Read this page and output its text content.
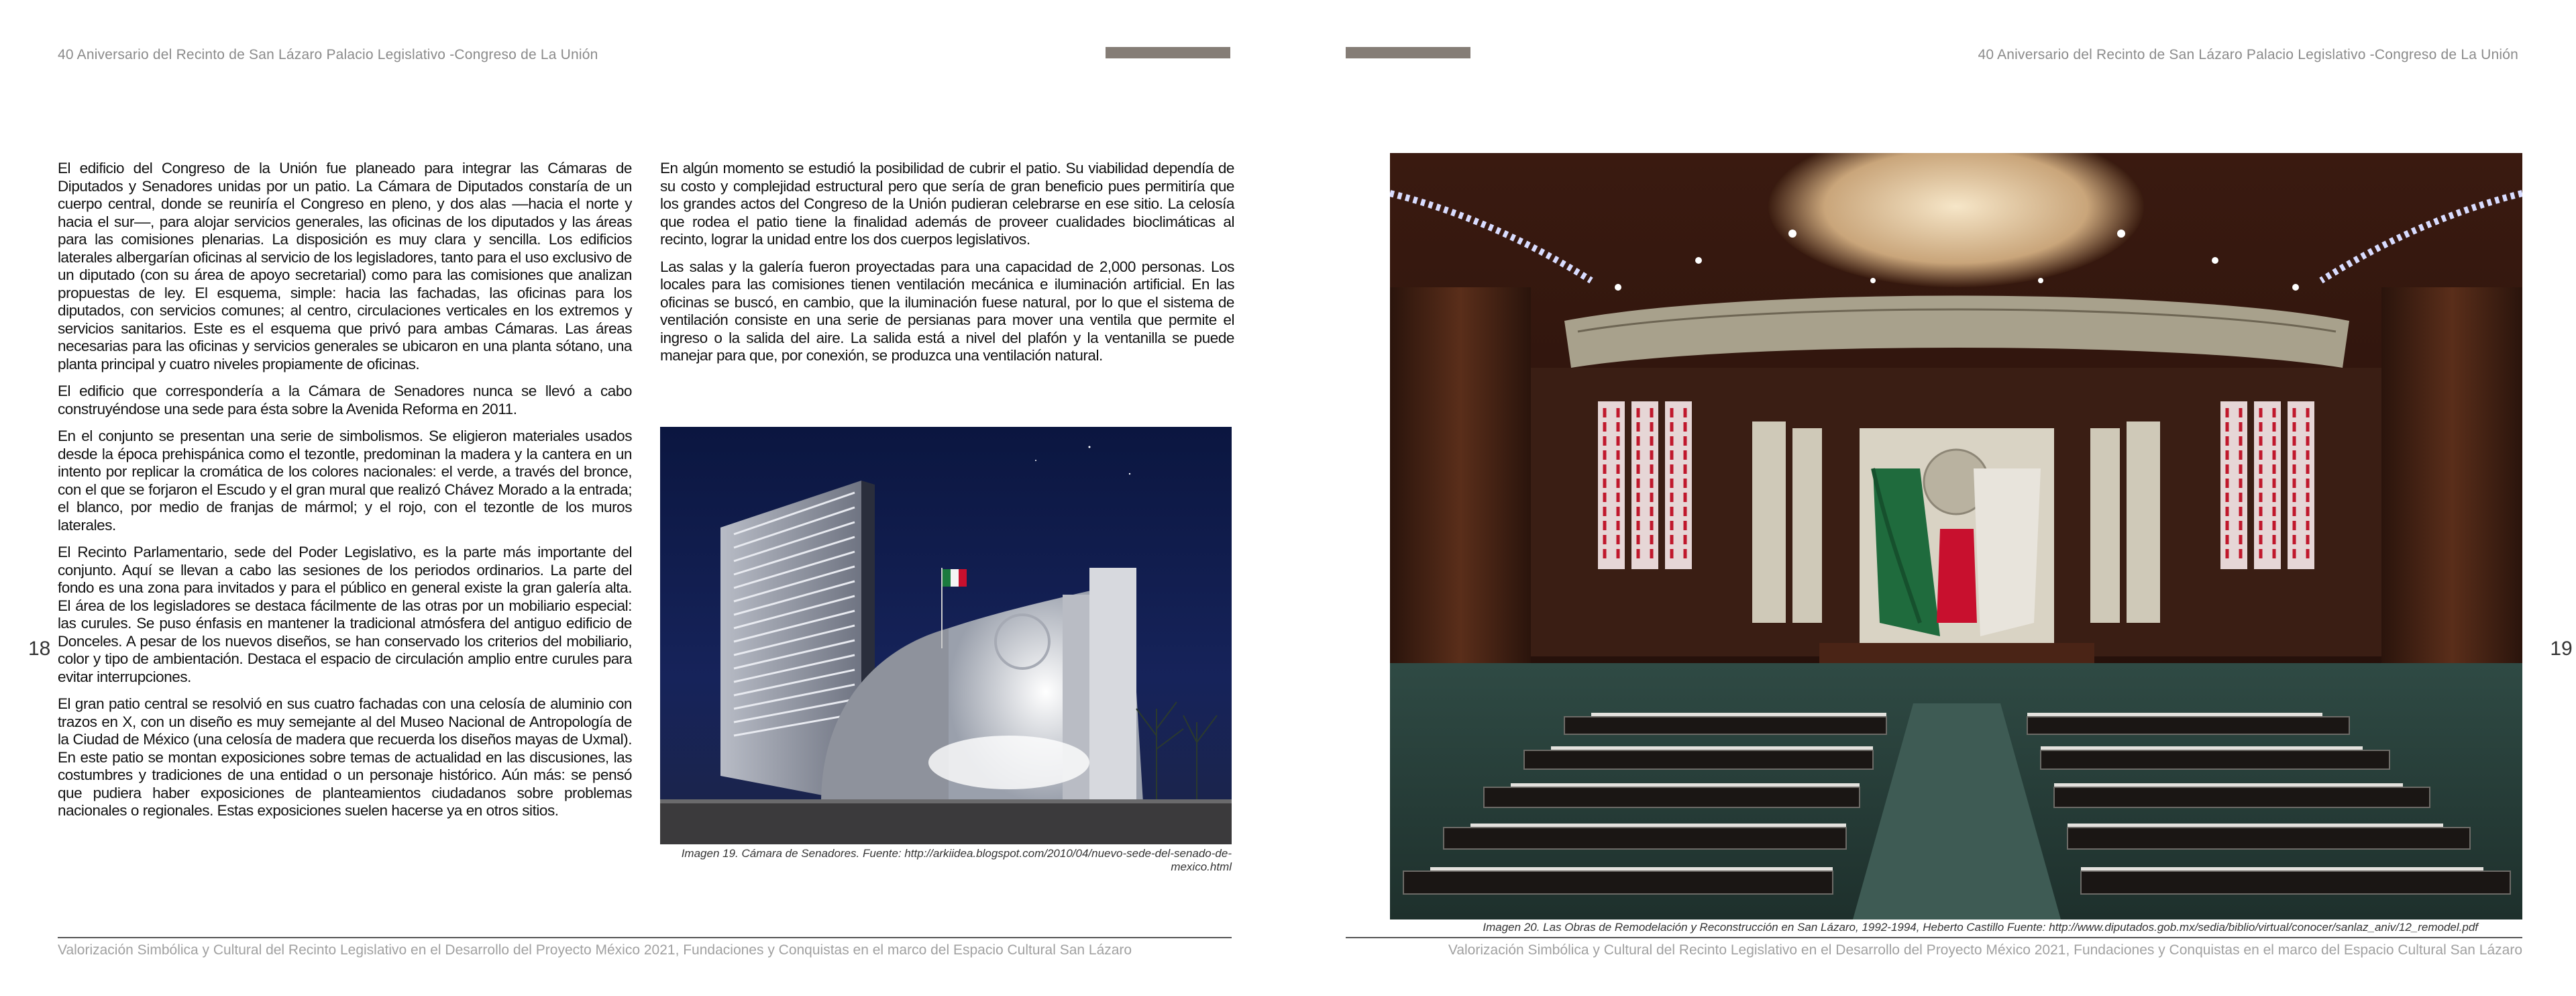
40 Aniversario del Recinto de San Lázaro Palacio Legislativo -Congreso de La Unión

El edificio del Congreso de la Unión fue planeado para integrar las Cámaras de Diputados y Senadores unidas por un patio. La Cámara de Diputados constaría de un cuerpo central, donde se reuniría el Congreso en pleno, y dos alas ––hacia el norte y hacia el sur––, para alojar servicios generales, las oficinas de los diputados y las áreas para las comisiones plenarias. La disposición es muy clara y sencilla. Los edificios laterales albergarían oficinas al servicio de los legisladores, tanto para el uso exclusivo de un diputado (con su área de apoyo secretarial) como para las comisiones que analizan propuestas de ley. El esquema, simple: hacia las fachadas, las oficinas para los diputados, con servicios comunes; al centro, circulaciones verticales en los extremos y servicios sanitarios. Este es el esquema que privó para ambas Cámaras. Las áreas necesarias para las oficinas y servicios generales se ubicaron en una planta sótano, una planta principal y cuatro niveles propiamente de oficinas.

El edificio que correspondería a la Cámara de Senadores nunca se llevó a cabo construyéndose una sede para ésta sobre la Avenida Reforma en 2011.

En el conjunto se presentan una serie de simbolismos. Se eligieron materiales usados desde la época prehispánica como el tezontle, predominan la madera y la cantera en un intento por replicar la cromática de los colores nacionales: el verde, a través del bronce, con el que se forjaron el Escudo y el gran mural que realizó Chávez Morado a la entrada; el blanco, por medio de franjas de mármol; y el rojo, con el tezontle de los muros laterales.

El Recinto Parlamentario, sede del Poder Legislativo, es la parte más importante del conjunto. Aquí se llevan a cabo las sesiones de los periodos ordinarios. La parte del fondo es una zona para invitados y para el público en general existe la gran galería alta. El área de los legisladores se destaca fácilmente de las otras por un mobiliario especial: las curules. Se puso énfasis en mantener la tradicional atmósfera del antiguo edificio de Donceles. A pesar de los nuevos diseños, se han conservado los criterios del mobiliario, color y tipo de ambientación. Destaca el espacio de circulación amplio entre curules para evitar interrupciones.

El gran patio central se resolvió en sus cuatro fachadas con una celosía de aluminio con trazos en X, con un diseño es muy semejante al del Museo Nacional de Antropología de la Ciudad de México (una celosía de madera que recuerda los diseños mayas de Uxmal). En este patio se montan exposiciones sobre temas de actualidad en las discusiones, las costumbres y tradiciones de una entidad o un personaje histórico. Aún más: se pensó que pudiera haber exposiciones de planteamientos ciudadanos sobre problemas nacionales o regionales. Estas exposiciones suelen hacerse ya en otros sitios.

En algún momento se estudió la posibilidad de cubrir el patio. Su viabilidad dependía de su costo y complejidad estructural pero que sería de gran beneficio pues permitiría que los grandes actos del Congreso de la Unión pudieran celebrarse en ese sitio. La celosía que rodea el patio tiene la finalidad además de proveer cualidades bioclimáticas al recinto, lograr la unidad entre los dos cuerpos legislativos.

Las salas y la galería fueron proyectadas para una capacidad de 2,000 personas. Los locales para las comisiones tienen ventilación mecánica e iluminación artificial. En las oficinas se buscó, en cambio, que la iluminación fuese natural, por lo que el sistema de ventilación consiste en una serie de persianas para mover una ventila que permite el ingreso o la salida del aire. La salida está a nivel del plafón y la ventanilla se puede manejar para que, por conexión, se produzca una ventilación natural.

Imagen 19. Cámara de Senadores. Fuente: http://arkiidea.blogspot.com/2010/04/nuevo-sede-del-senado-de-mexico.html
18
Valorización Simbólica y Cultural del Recinto Legislativo en el Desarrollo del Proyecto México 2021, Fundaciones y Conquistas en el marco del Espacio Cultural San Lázaro
40 Aniversario del Recinto de San Lázaro Palacio Legislativo -Congreso de La Unión
Imagen 20. Las Obras de Remodelación y Reconstrucción en San Lázaro, 1992-1994, Heberto Castillo Fuente: http://www.diputados.gob.mx/sedia/biblio/virtual/conocer/sanlaz_aniv/12_remodel.pdf
19
Valorización Simbólica y Cultural del Recinto Legislativo en el Desarrollo del Proyecto México 2021, Fundaciones y Conquistas en el marco del Espacio Cultural San Lázaro
